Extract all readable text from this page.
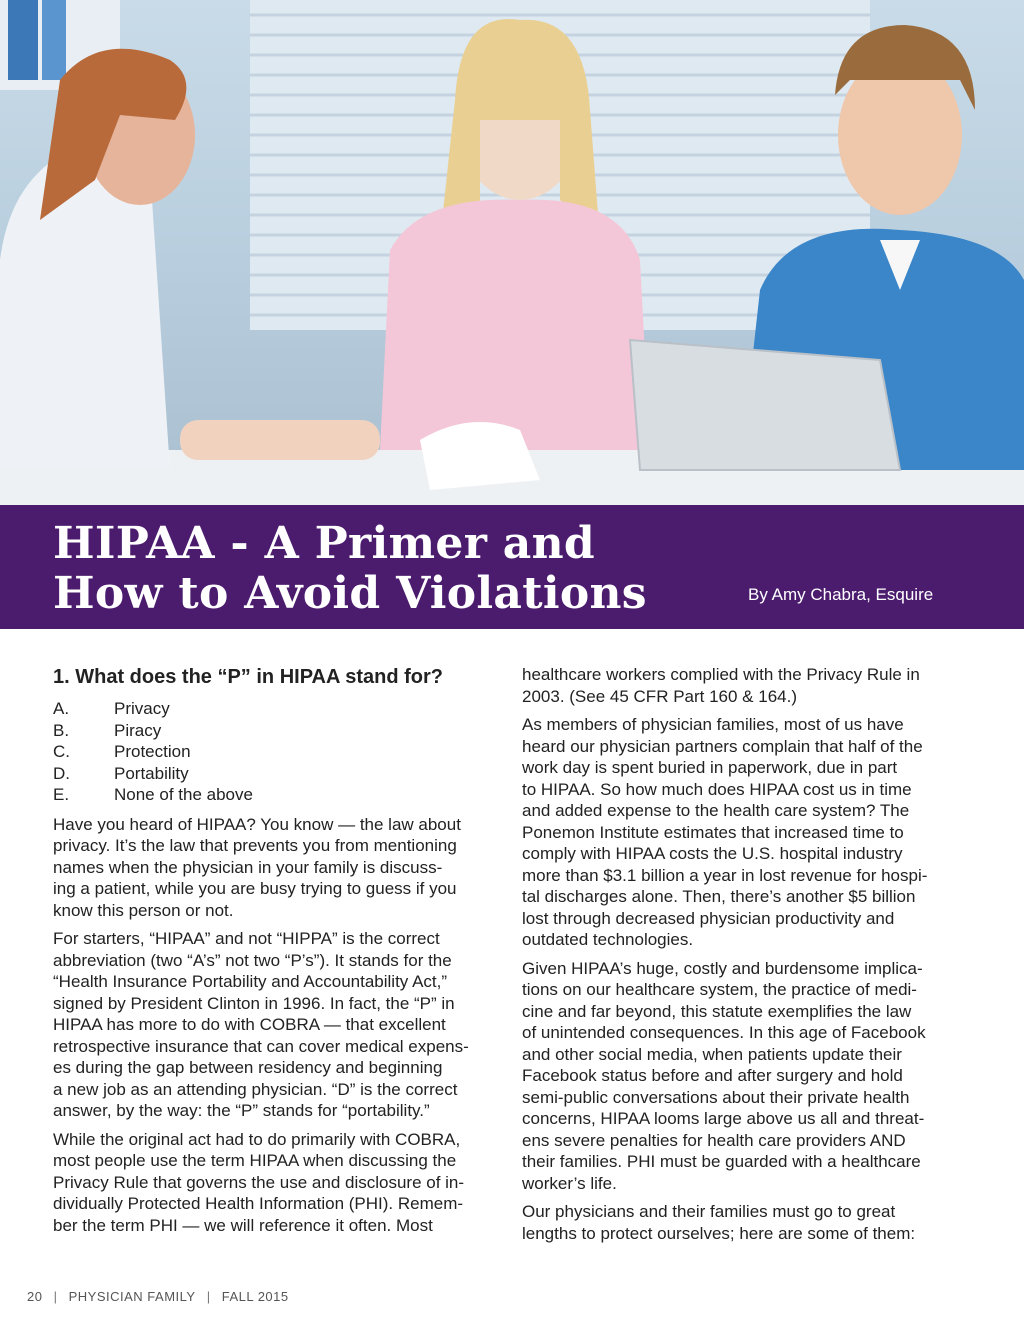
HIPAA - A Primer and
How to Avoid Violations	By Amy Chabra, Esquire
1. What does the “P” in HIPAA stand for?
A.	Privacy
B.	Piracy
C.	Protection
D.	Portability
E.	None of the above

Have you heard of HIPAA? You know — the law about
privacy. It’s the law that prevents you from mentioning
names when the physician in your family is discuss-
ing a patient, while you are busy trying to guess if you
know this person or not.

For starters, “HIPAA” and not “HIPPA” is the correct
abbreviation (two “A’s” not two “P’s”). It stands for the
“Health Insurance Portability and Accountability Act,”
signed by President Clinton in 1996. In fact, the “P” in
HIPAA has more to do with COBRA — that excellent
retrospective insurance that can cover medical expens-
es during the gap between residency and beginning
a new job as an attending physician. “D” is the correct
answer, by the way: the “P” stands for “portability.”

While the original act had to do primarily with COBRA,
most people use the term HIPAA when discussing the
Privacy Rule that governs the use and disclosure of in-
dividually Protected Health Information (PHI). Remem-
ber the term PHI — we will reference it often. Most

healthcare workers complied with the Privacy Rule in
2003. (See 45 CFR Part 160 & 164.)

As members of physician families, most of us have
heard our physician partners complain that half of the
work day is spent buried in paperwork, due in part
to HIPAA. So how much does HIPAA cost us in time
and added expense to the health care system? The
Ponemon Institute estimates that increased time to
comply with HIPAA costs the U.S. hospital industry
more than $3.1 billion a year in lost revenue for hospi-
tal discharges alone. Then, there’s another $5 billion
lost through decreased physician productivity and
outdated technologies.

Given HIPAA’s huge, costly and burdensome implica-
tions on our healthcare system, the practice of medi-
cine and far beyond, this statute exemplifies the law
of unintended consequences. In this age of Facebook
and other social media, when patients update their
Facebook status before and after surgery and hold
semi-public conversations about their private health
concerns, HIPAA looms large above us all and threat-
ens severe penalties for health care providers AND
their families. PHI must be guarded with a healthcare
worker’s life.

Our physicians and their families must go to great
lengths to protect ourselves; here are some of them:

20 | PHYSICIAN FAMILY | FALL 2015
